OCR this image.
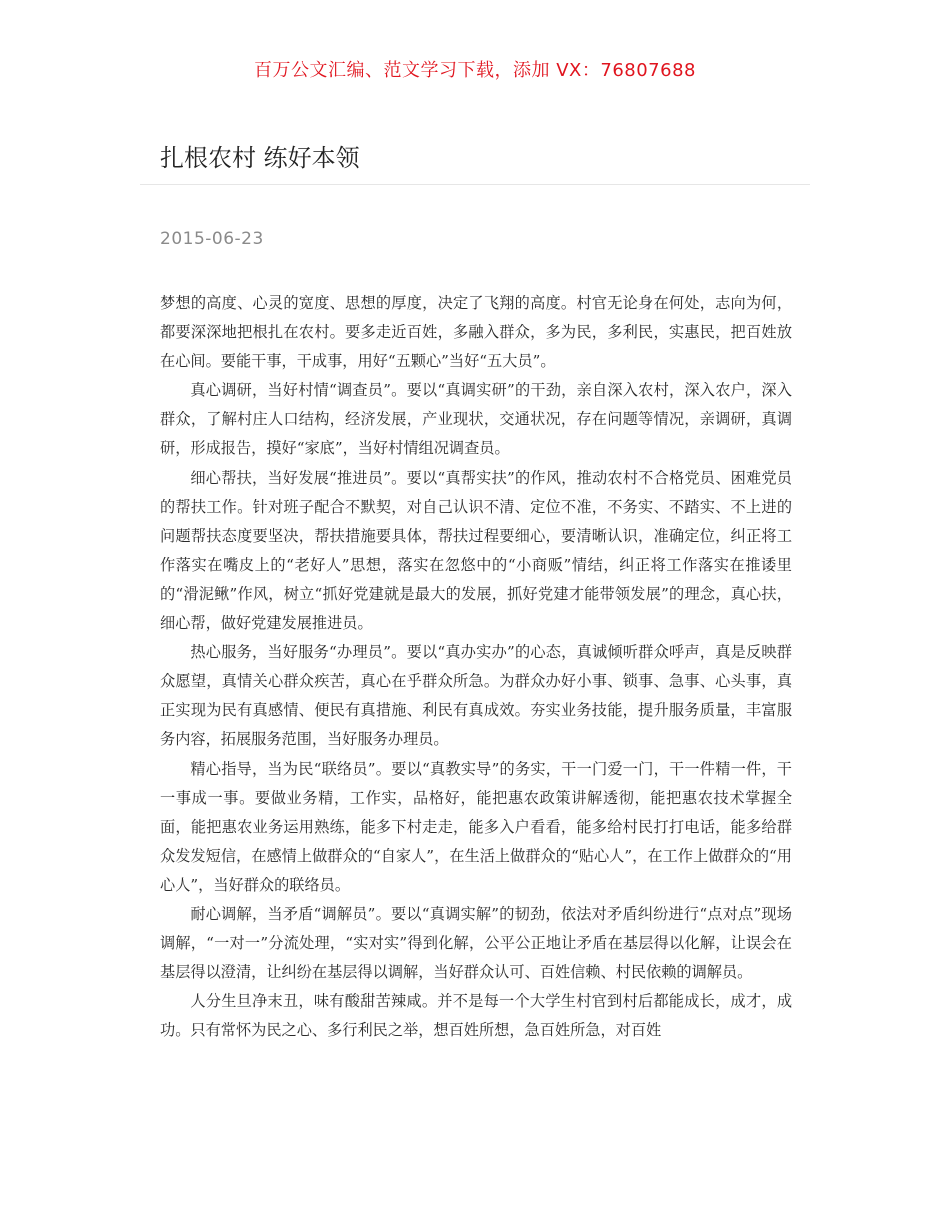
百万公文汇编、范文学习下载，添加 VX：76807688
扎根农村 练好本领
2015-06-23

梦想的高度、心灵的宽度、思想的厚度，决定了飞翔的高度。村官无论身在何处，志向为何，都要深深地把根扎在农村。要多走近百姓，多融入群众，多为民，多利民，实惠民，把百姓放在心间。要能干事，干成事，用好“五颗心”当好“五大员”。

真心调研，当好村情“调查员”。要以“真调实研”的干劲，亲自深入农村，深入农户，深入群众，了解村庄人口结构，经济发展，产业现状，交通状况，存在问题等情况，亲调研，真调研，形成报告，摸好“家底”，当好村情组况调查员。

细心帮扶，当好发展“推进员”。要以“真帮实扶”的作风，推动农村不合格党员、困难党员的帮扶工作。针对班子配合不默契，对自己认识不清、定位不准，不务实、不踏实、不上进的问题帮扶态度要坚决，帮扶措施要具体，帮扶过程要细心，要清晰认识，准确定位，纠正将工作落实在嘴皮上的“老好人”思想，落实在忽悠中的“小商贩”情结，纠正将工作落实在推诿里的“滑泥鳅”作风，树立“抓好党建就是最大的发展，抓好党建才能带领发展”的理念，真心扶，细心帮，做好党建发展推进员。

热心服务，当好服务“办理员”。要以“真办实办”的心态，真诚倾听群众呼声，真是反映群众愿望，真情关心群众疾苦，真心在乎群众所急。为群众办好小事、锁事、急事、心头事，真正实现为民有真感情、便民有真措施、利民有真成效。夯实业务技能，提升服务质量，丰富服务内容，拓展服务范围，当好服务办理员。

精心指导，当为民“联络员”。要以“真教实导”的务实，干一门爱一门，干一件精一件，干一事成一事。要做业务精，工作实，品格好，能把惠农政策讲解透彻，能把惠农技术掌握全面，能把惠农业务运用熟练，能多下村走走，能多入户看看，能多给村民打打电话，能多给群众发发短信，在感情上做群众的“自家人”，在生活上做群众的“贴心人”，在工作上做群众的“用心人”，当好群众的联络员。

耐心调解，当矛盾“调解员”。要以“真调实解”的韧劲，依法对矛盾纠纷进行“点对点”现场调解，“一对一”分流处理，“实对实”得到化解，公平公正地让矛盾在基层得以化解，让误会在基层得以澄清，让纠纷在基层得以调解，当好群众认可、百姓信赖、村民依赖的调解员。

人分生旦净末丑，味有酸甜苦辣咸。并不是每一个大学生村官到村后都能成长，成才，成功。只有常怀为民之心、多行利民之举，想百姓所想，急百姓所急，对百姓
